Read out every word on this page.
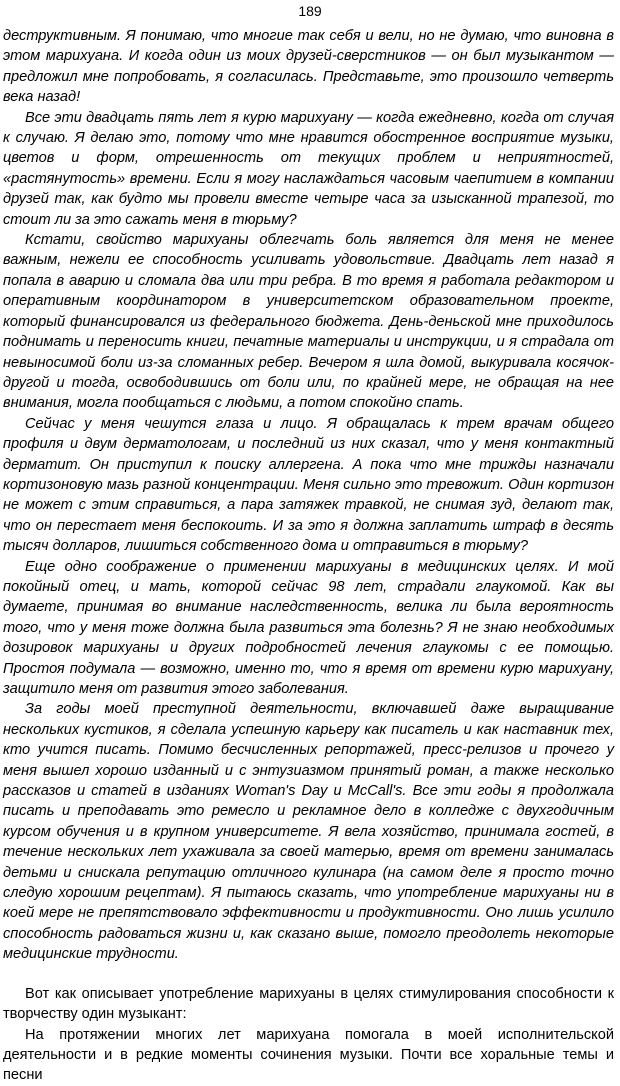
189

деструктивным. Я понимаю, что многие так себя и вели, но не думаю, что виновна в этом марихуана. И когда один из моих друзей-сверстников — он был музыкантом — предложил мне попробовать, я согласилась. Представьте, это произошло четверть века назад!

Все эти двадцать пять лет я курю марихуану — когда ежедневно, когда от случая к случаю. Я делаю это, потому что мне нравится обостренное восприятие музыки, цветов и форм, отрешенность от текущих проблем и неприятностей, «растянутость» времени. Если я могу наслаждаться часовым чаепитием в компании друзей так, как будто мы провели вместе четыре часа за изысканной трапезой, то стоит ли за это сажать меня в тюрьму?

Кстати, свойство марихуаны облегчать боль является для меня не менее важным, нежели ее способность усиливать удовольствие. Двадцать лет назад я попала в аварию и сломала два или три ребра. В то время я работала редактором и оперативным координатором в университетском образовательном проекте, который финансировался из федерального бюджета. День-деньской мне приходилось поднимать и переносить книги, печатные материалы и инструкции, и я страдала от невыносимой боли из-за сломанных ребер. Вечером я шла домой, выкуривала косячок-другой и тогда, освободившись от боли или, по крайней мере, не обращая на нее внимания, могла пообщаться с людьми, а потом спокойно спать.

Сейчас у меня чешутся глаза и лицо. Я обращалась к трем врачам общего профиля и двум дерматологам, и последний из них сказал, что у меня контактный дерматит. Он приступил к поиску аллергена. А пока что мне трижды назначали кортизоновую мазь разной концентрации. Меня сильно это тревожит. Один кортизон не может с этим справиться, а пара затяжек травкой, не снимая зуд, делают так, что он перестает меня беспокоить. И за это я должна заплатить штраф в десять тысяч долларов, лишиться собственного дома и отправиться в тюрьму?

Еще одно соображение о применении марихуаны в медицинских целях. И мой покойный отец, и мать, которой сейчас 98 лет, страдали глаукомой. Как вы думаете, принимая во внимание наследственность, велика ли была вероятность того, что у меня тоже должна была развиться эта болезнь? Я не знаю необходимых дозировок марихуаны и других подробностей лечения глаукомы с ее помощью. Простоя подумала — возможно, именно то, что я время от времени курю марихуану, защитило меня от развития этого заболевания.

За годы моей преступной деятельности, включавшей даже выращивание нескольких кустиков, я сделала успешную карьеру как писатель и как наставник тех, кто учится писать. Помимо бесчисленных репортажей, пресс-релизов и прочего у меня вышел хорошо изданный и с энтузиазмом принятый роман, а также несколько рассказов и статей в изданиях Woman's Day и McCall's. Все эти годы я продолжала писать и преподавать это ремесло и рекламное дело в колледже с двухгодичным курсом обучения и в крупном университете. Я вела хозяйство, принимала гостей, в течение нескольких лет ухаживала за своей матерью, время от времени занималась детьми и снискала репутацию отличного кулинара (на самом деле я просто точно следую хорошим рецептам). Я пытаюсь сказать, что употребление марихуаны ни в коей мере не препятствовало эффективности и продуктивности. Оно лишь усилило способность радоваться жизни и, как сказано выше, помогло преодолеть некоторые медицинские трудности.

Вот как описывает употребление марихуаны в целях стимулирования способности к творчеству один музыкант:

На протяжении многих лет марихуана помогала в моей исполнительской деятельности и в редкие моменты сочинения музыки. Почти все хоральные темы и песни
